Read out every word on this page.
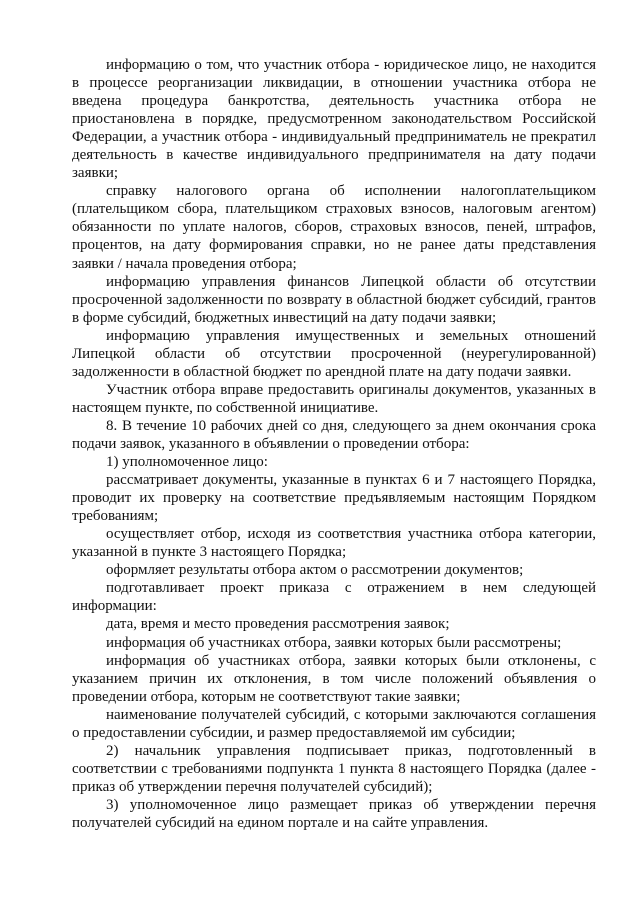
информацию о том, что участник отбора - юридическое лицо, не находится в процессе реорганизации ликвидации, в отношении участника отбора не введена процедура банкротства, деятельность участника отбора не приостановлена в порядке, предусмотренном законодательством Российской Федерации, а участник отбора - индивидуальный предприниматель не прекратил деятельность в качестве индивидуального предпринимателя на дату подачи заявки;

справку налогового органа об исполнении налогоплательщиком (плательщиком сбора, плательщиком страховых взносов, налоговым агентом) обязанности по уплате налогов, сборов, страховых взносов, пеней, штрафов, процентов, на дату формирования справки, но не ранее даты представления заявки / начала проведения отбора;

информацию управления финансов Липецкой области об отсутствии просроченной задолженности по возврату в областной бюджет субсидий, грантов в форме субсидий, бюджетных инвестиций на дату подачи заявки;

информацию управления имущественных и земельных отношений Липецкой области об отсутствии просроченной (неурегулированной) задолженности в областной бюджет по арендной плате на дату подачи заявки.

Участник отбора вправе предоставить оригиналы документов, указанных в настоящем пункте, по собственной инициативе.

8. В течение 10 рабочих дней со дня, следующего за днем окончания срока подачи заявок, указанного в объявлении о проведении отбора:

1) уполномоченное лицо:

рассматривает документы, указанные в пунктах 6 и 7 настоящего Порядка, проводит их проверку на соответствие предъявляемым настоящим Порядком требованиям;

осуществляет отбор, исходя из соответствия участника отбора категории, указанной в пункте 3 настоящего Порядка;

оформляет результаты отбора актом о рассмотрении документов;

подготавливает проект приказа с отражением в нем следующей информации:

дата, время и место проведения рассмотрения заявок;

информация об участниках отбора, заявки которых были рассмотрены;

информация об участниках отбора, заявки которых были отклонены, с указанием причин их отклонения, в том числе положений объявления о проведении отбора, которым не соответствуют такие заявки;

наименование получателей субсидий, с которыми заключаются соглашения о предоставлении субсидии, и размер предоставляемой им субсидии;

2) начальник управления подписывает приказ, подготовленный в соответствии с требованиями подпункта 1 пункта 8 настоящего Порядка (далее - приказ об утверждении перечня получателей субсидий);

3) уполномоченное лицо размещает приказ об утверждении перечня получателей субсидий на едином портале и на сайте управления.
